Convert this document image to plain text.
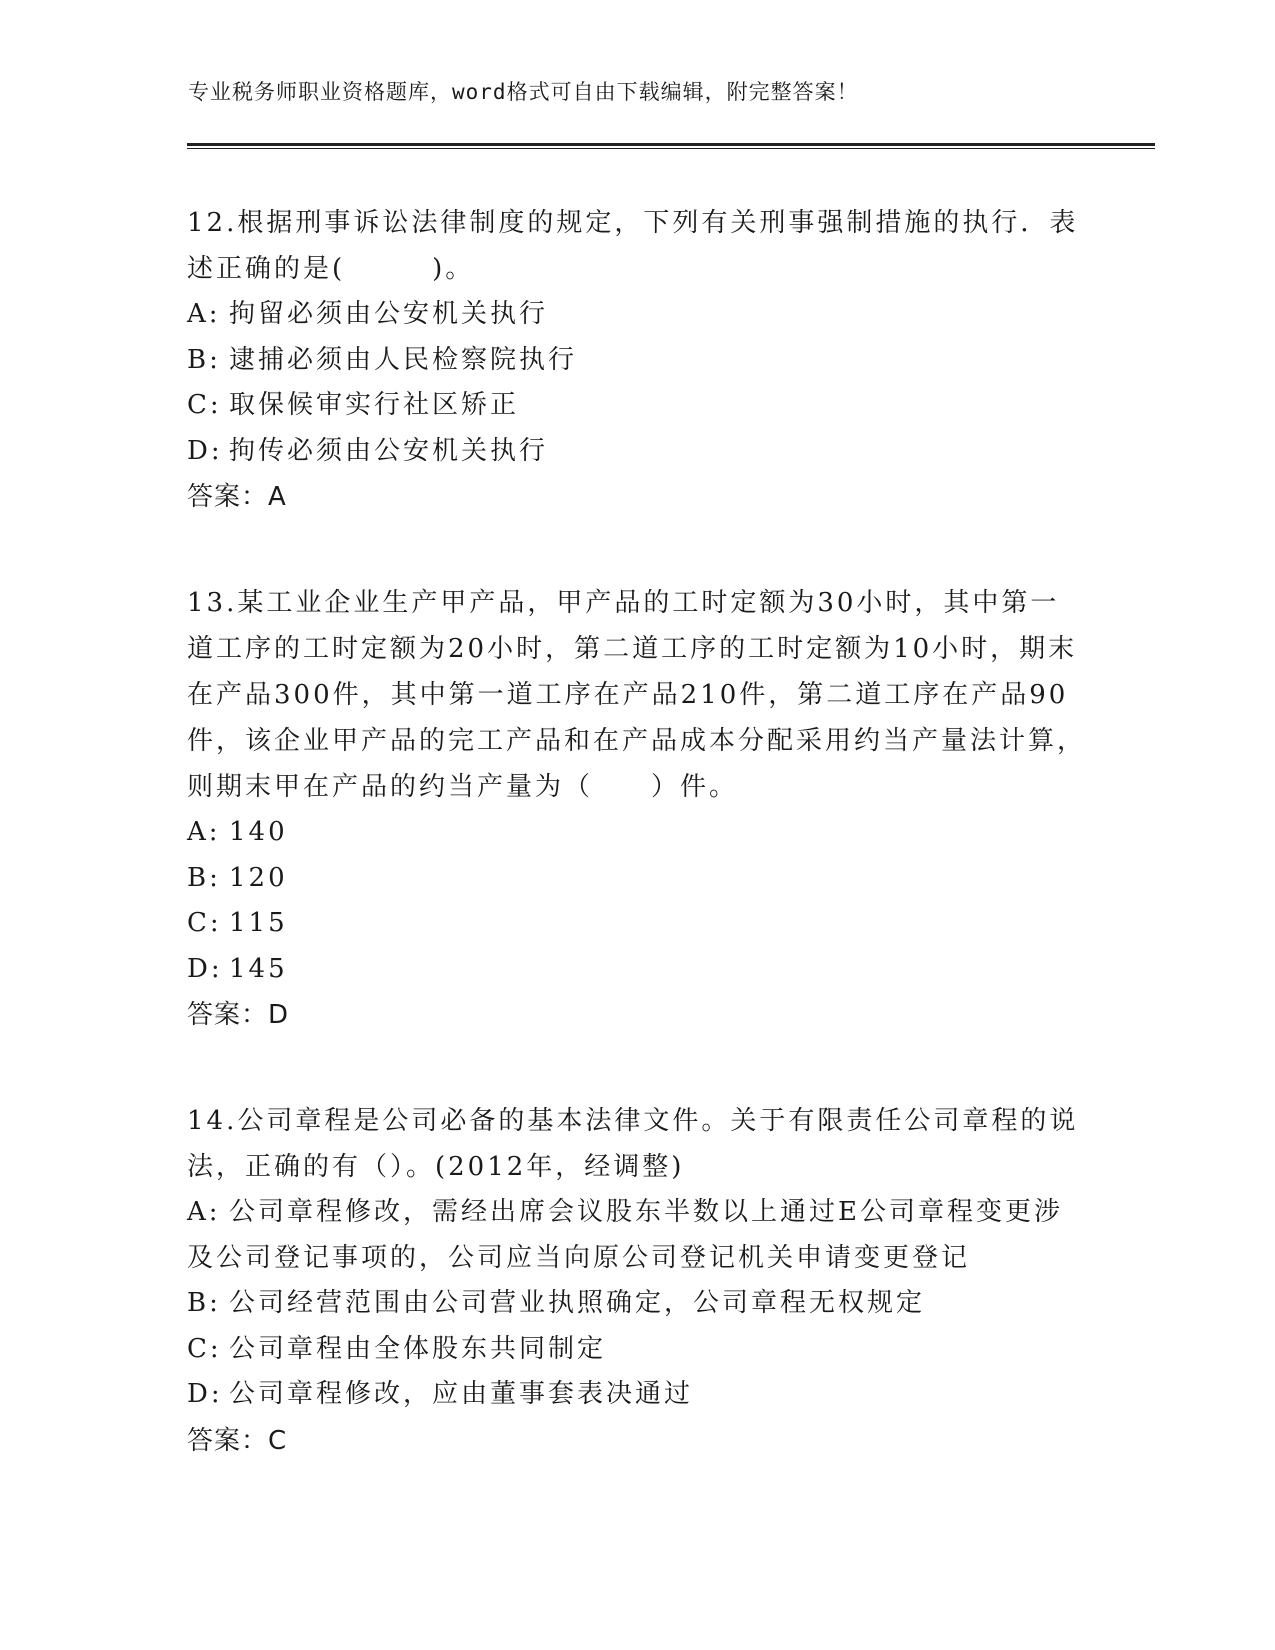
专业税务师职业资格题库，word格式可自由下载编辑，附完整答案！

12.根据刑事诉讼法律制度的规定，下列有关刑事强制措施的执行．表述正确的是(　　　)。

A: 拘留必须由公安机关执行

B: 逮捕必须由人民检察院执行

C: 取保候审实行社区矫正

D: 拘传必须由公安机关执行

答案：A

13.某工业企业生产甲产品，甲产品的工时定额为30小时，其中第一道工序的工时定额为20小时，第二道工序的工时定额为10小时，期末在产品300件，其中第一道工序在产品210件，第二道工序在产品90件，该企业甲产品的完工产品和在产品成本分配采用约当产量法计算，则期末甲在产品的约当产量为（　　）件。

A: 140

B: 120

C: 115

D: 145

答案：D

14.公司章程是公司必备的基本法律文件。关于有限责任公司章程的说法，正确的有（）。(2012年，经调整)

A: 公司章程修改，需经出席会议股东半数以上通过E公司章程变更涉及公司登记事项的，公司应当向原公司登记机关申请变更登记

B: 公司经营范围由公司营业执照确定，公司章程无权规定

C: 公司章程由全体股东共同制定

D: 公司章程修改，应由董事套表决通过

答案：C
